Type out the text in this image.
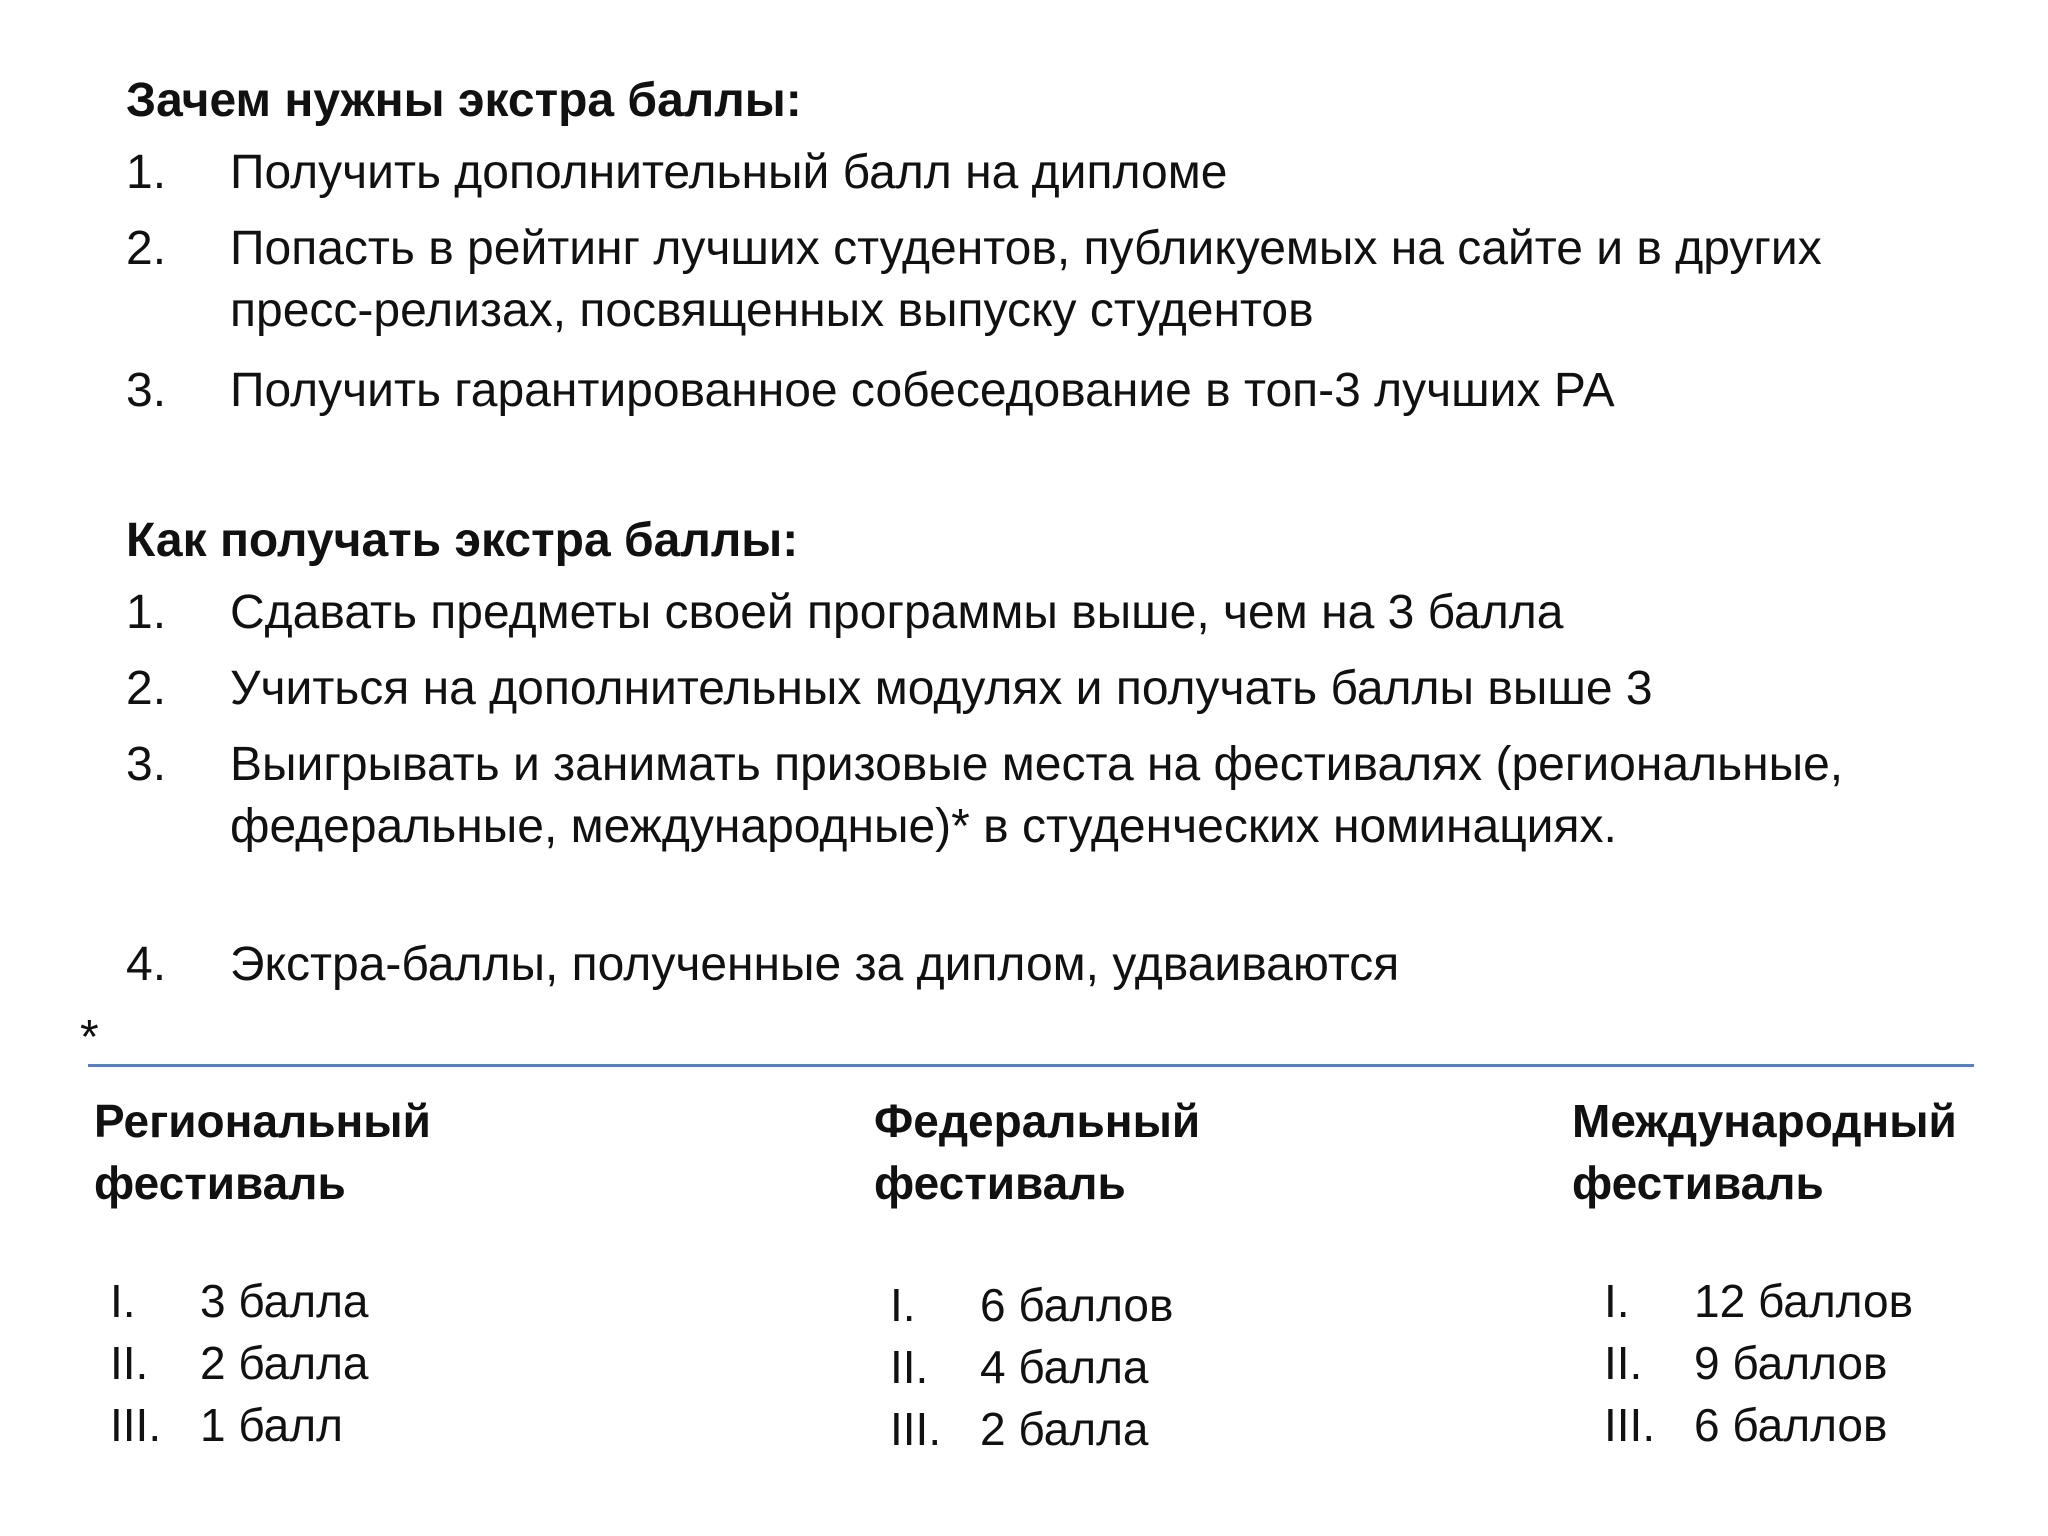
Зачем нужны экстра баллы:
1. Получить дополнительный балл на дипломе
2. Попасть в рейтинг лучших студентов, публикуемых на сайте и в других пресс-релизах, посвященных выпуску студентов
3. Получить гарантированное собеседование в топ-3 лучших РА
Как получать экстра баллы:
1. Сдавать предметы своей программы выше, чем на 3 балла
2. Учиться на дополнительных модулях и получать баллы выше 3
3. Выигрывать и занимать призовые места на фестивалях (региональные, федеральные, международные)* в студенческих номинациях.
4. Экстра-баллы, полученные за диплом, удваиваются
*
Региональный
фестиваль
I. 3 балла
II. 2 балла
III. 1 балл
Федеральный
фестиваль
I. 6 баллов
II. 4 балла
III. 2 балла
Международный
фестиваль
I. 12 баллов
II. 9 баллов
III. 6 баллов
